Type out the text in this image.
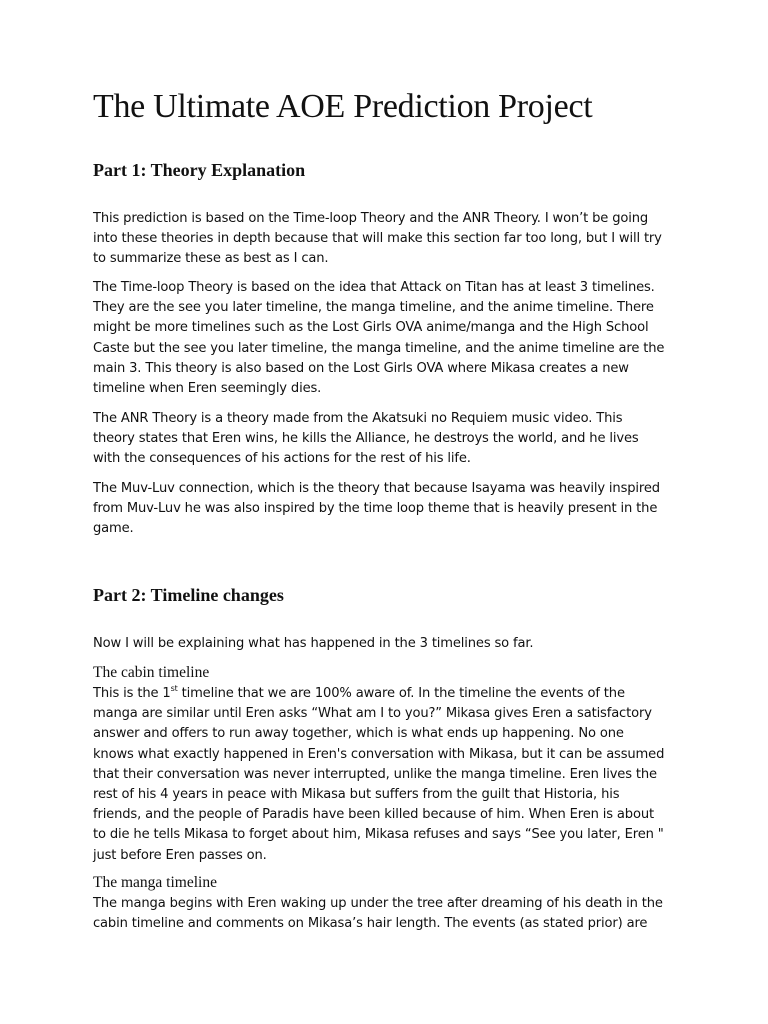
The Ultimate AOE Prediction Project
Part 1: Theory Explanation
This prediction is based on the Time-loop Theory and the ANR Theory. I won’t be going
into these theories in depth because that will make this section far too long, but I will try
to summarize these as best as I can.
The Time-loop Theory is based on the idea that Attack on Titan has at least 3 timelines.
They are the see you later timeline, the manga timeline, and the anime timeline. There
might be more timelines such as the Lost Girls OVA anime/manga and the High School
Caste but the see you later timeline, the manga timeline, and the anime timeline are the
main 3. This theory is also based on the Lost Girls OVA where Mikasa creates a new
timeline when Eren seemingly dies.
The ANR Theory is a theory made from the Akatsuki no Requiem music video. This
theory states that Eren wins, he kills the Alliance, he destroys the world, and he lives
with the consequences of his actions for the rest of his life.
The Muv-Luv connection, which is the theory that because Isayama was heavily inspired
from Muv-Luv he was also inspired by the time loop theme that is heavily present in the
game.
Part 2: Timeline changes
Now I will be explaining what has happened in the 3 timelines so far.
The cabin timeline
This is the 1st timeline that we are 100% aware of. In the timeline the events of the
manga are similar until Eren asks “What am I to you?” Mikasa gives Eren a satisfactory
answer and offers to run away together, which is what ends up happening. No one
knows what exactly happened in Eren's conversation with Mikasa, but it can be assumed
that their conversation was never interrupted, unlike the manga timeline. Eren lives the
rest of his 4 years in peace with Mikasa but suffers from the guilt that Historia, his
friends, and the people of Paradis have been killed because of him. When Eren is about
to die he tells Mikasa to forget about him, Mikasa refuses and says “See you later, Eren "
just before Eren passes on.
The manga timeline
The manga begins with Eren waking up under the tree after dreaming of his death in the
cabin timeline and comments on Mikasa’s hair length. The events (as stated prior) are
